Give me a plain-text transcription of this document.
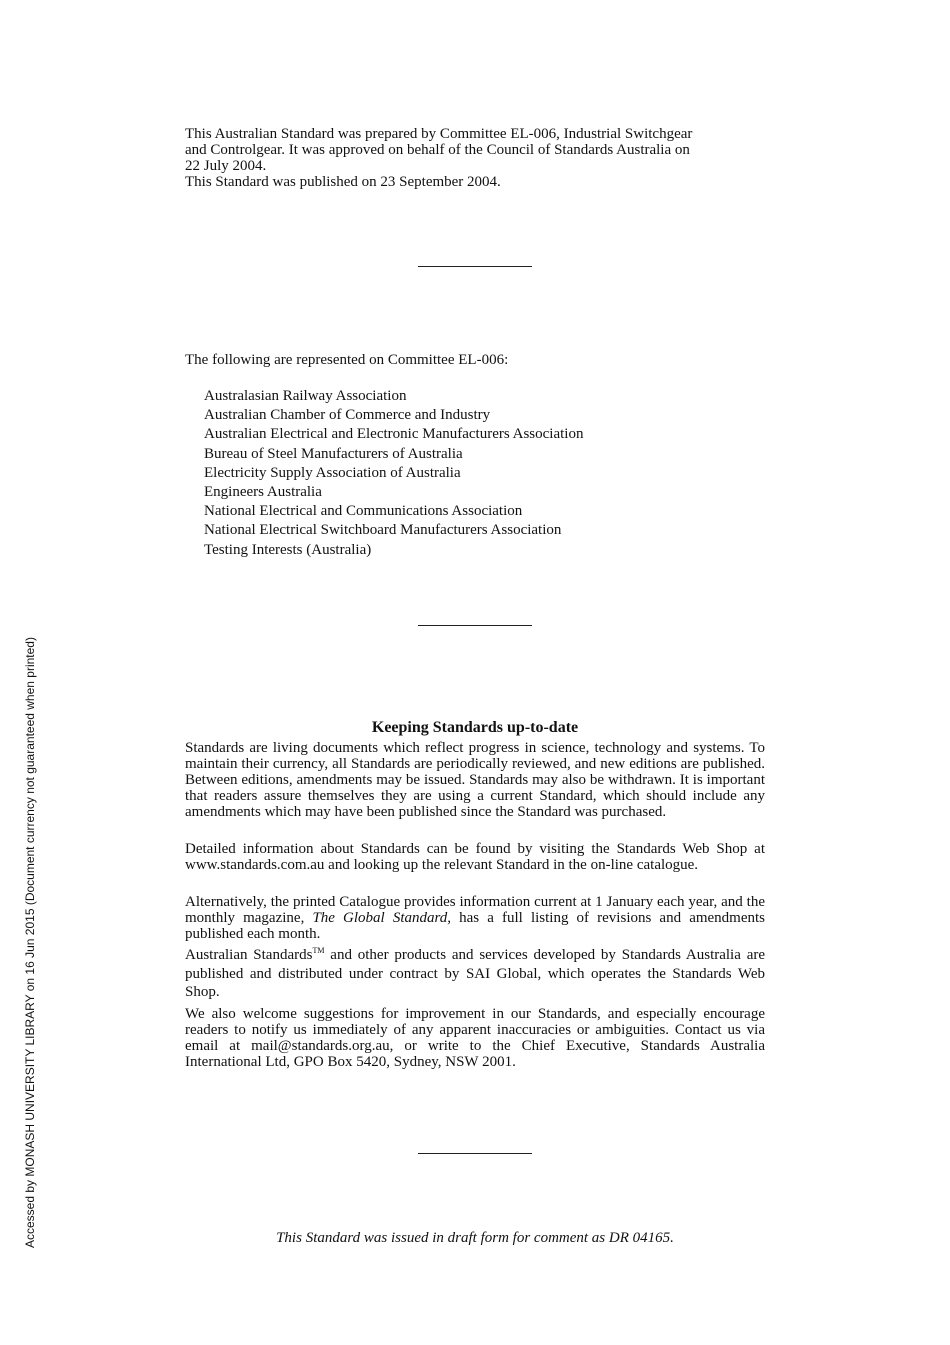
This Australian Standard was prepared by Committee EL-006, Industrial Switchgear
and Controlgear. It was approved on behalf of the Council of Standards Australia on
22 July 2004.
This Standard was published on 23 September 2004.
The following are represented on Committee EL-006:
Australasian Railway Association
Australian Chamber of Commerce and Industry
Australian Electrical and Electronic Manufacturers Association
Bureau of Steel Manufacturers of Australia
Electricity Supply Association of Australia
Engineers Australia
National Electrical and Communications Association
National Electrical Switchboard Manufacturers Association
Testing Interests (Australia)
Keeping Standards up-to-date

Standards are living documents which reflect progress in science, technology and systems. To maintain their currency, all Standards are periodically reviewed, and new editions are published. Between editions, amendments may be issued. Standards may also be withdrawn. It is important that readers assure themselves they are using a current Standard, which should include any amendments which may have been published since the Standard was purchased.

Detailed information about Standards can be found by visiting the Standards Web Shop at www.standards.com.au and looking up the relevant Standard in the on-line catalogue.

Alternatively, the printed Catalogue provides information current at 1 January each year, and the monthly magazine, The Global Standard, has a full listing of revisions and amendments published each month.

Australian Standards™ and other products and services developed by Standards Australia are published and distributed under contract by SAI Global, which operates the Standards Web Shop.

We also welcome suggestions for improvement in our Standards, and especially encourage readers to notify us immediately of any apparent inaccuracies or ambiguities. Contact us via email at mail@standards.org.au, or write to the Chief Executive, Standards Australia International Ltd, GPO Box 5420, Sydney, NSW 2001.

This Standard was issued in draft form for comment as DR 04165.
Accessed by MONASH UNIVERSITY LIBRARY on 16 Jun 2015 (Document currency not guaranteed when printed)
